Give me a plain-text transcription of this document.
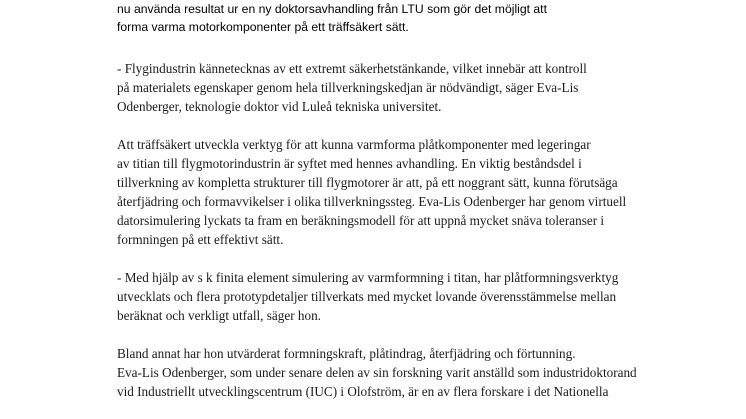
nu använda resultat ur en ny doktorsavhandling från LTU som gör det möjligt att
forma varma motorkomponenter på ett träffsäkert sätt.

- Flygindustrin kännetecknas av ett extremt säkerhetstänkande, vilket innebär att kontroll
på materialets egenskaper genom hela tillverkningskedjan är nödvändigt, säger Eva-Lis
Odenberger, teknologie doktor vid Luleå tekniska universitet.

Att träffsäkert utveckla verktyg för att kunna varmforma plåtkomponenter med legeringar
av titian till flygmotorindustrin är syftet med hennes avhandling. En viktig beståndsdel i
tillverkning av kompletta strukturer till flygmotorer är att, på ett noggrant sätt, kunna förutsäga
återfjädring och formavvikelser i olika tillverkningssteg. Eva-Lis Odenberger har genom virtuell
datorsimulering lyckats ta fram en beräkningsmodell för att uppnå mycket snäva toleranser i
formningen på ett effektivt sätt.

- Med hjälp av s k finita element simulering av varmformning i titan, har plåtformningsverktyg
utvecklats och flera prototypdetaljer tillverkats med mycket lovande överensstämmelse mellan
beräknat och verkligt utfall, säger hon.

Bland annat har hon utvärderat formningskraft, plåtindrag, återfjädring och förtunning.
Eva-Lis Odenberger, som under senare delen av sin forskning varit anställd som industridoktorand
vid Industriellt utvecklingscentrum (IUC) i Olofström, är en av flera forskare i det Nationella
